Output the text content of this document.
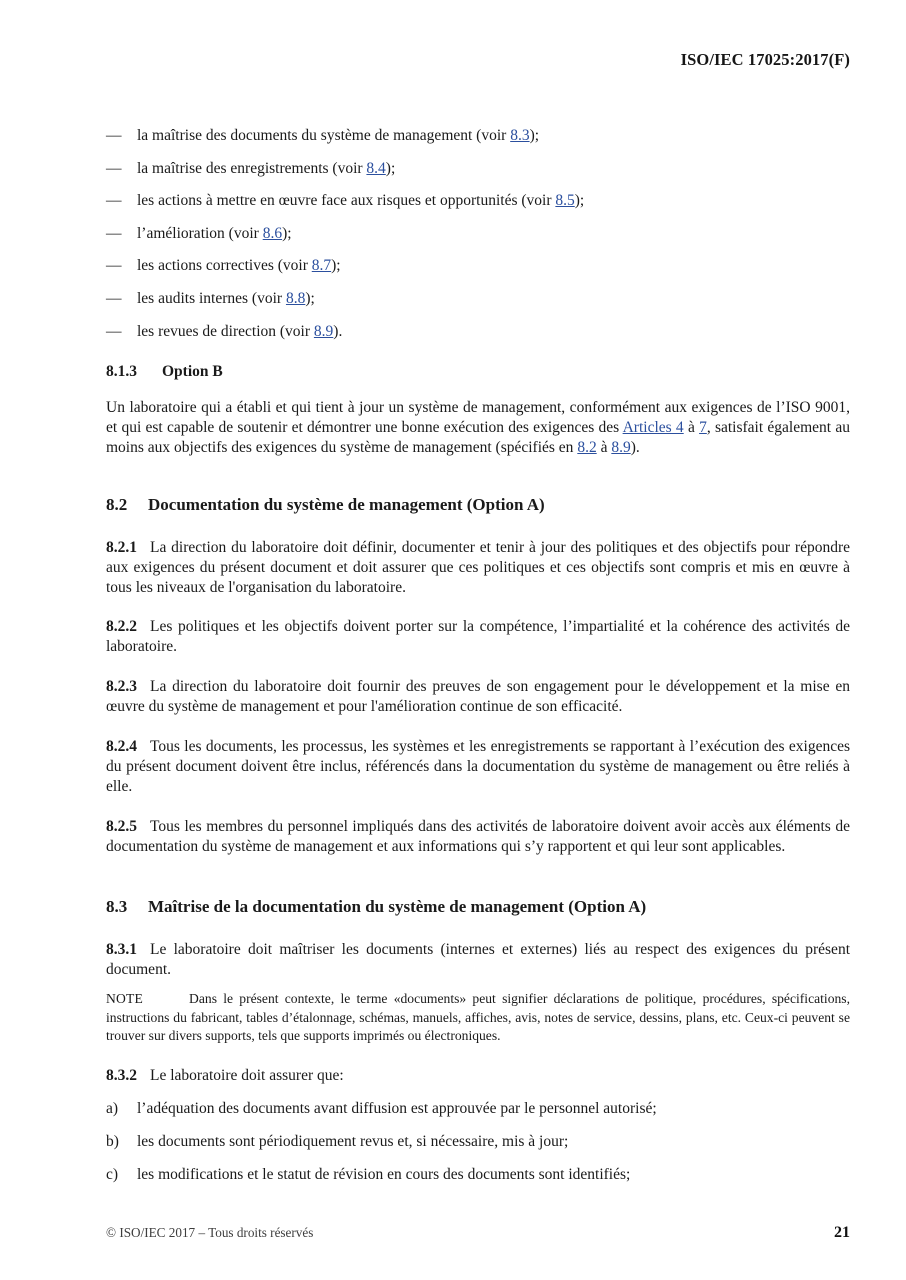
ISO/IEC 17025:2017(F)
—	la maîtrise des documents du système de management (voir 8.3);
—	la maîtrise des enregistrements (voir 8.4);
—	les actions à mettre en œuvre face aux risques et opportunités (voir 8.5);
—	l’amélioration (voir 8.6);
—	les actions correctives (voir 8.7);
—	les audits internes (voir 8.8);
—	les revues de direction (voir 8.9).
8.1.3	Option B
Un laboratoire qui a établi et qui tient à jour un système de management, conformément aux exigences de l’ISO 9001, et qui est capable de soutenir et démontrer une bonne exécution des exigences des Articles 4 à 7, satisfait également au moins aux objectifs des exigences du système de management (spécifiés en 8.2 à 8.9).
8.2	Documentation du système de management (Option A)
8.2.1 La direction du laboratoire doit définir, documenter et tenir à jour des politiques et des objectifs pour répondre aux exigences du présent document et doit assurer que ces politiques et ces objectifs sont compris et mis en œuvre à tous les niveaux de l'organisation du laboratoire.
8.2.2 Les politiques et les objectifs doivent porter sur la compétence, l’impartialité et la cohérence des activités de laboratoire.
8.2.3 La direction du laboratoire doit fournir des preuves de son engagement pour le développement et la mise en œuvre du système de management et pour l'amélioration continue de son efficacité.
8.2.4 Tous les documents, les processus, les systèmes et les enregistrements se rapportant à l’exécution des exigences du présent document doivent être inclus, référencés dans la documentation du système de management ou être reliés à elle.
8.2.5 Tous les membres du personnel impliqués dans des activités de laboratoire doivent avoir accès aux éléments de documentation du système de management et aux informations qui s’y rapportent et qui leur sont applicables.
8.3	Maîtrise de la documentation du système de management (Option A)
8.3.1 Le laboratoire doit maîtriser les documents (internes et externes) liés au respect des exigences du présent document.
NOTE	Dans le présent contexte, le terme «documents» peut signifier déclarations de politique, procédures, spécifications, instructions du fabricant, tables d’étalonnage, schémas, manuels, affiches, avis, notes de service, dessins, plans, etc. Ceux-ci peuvent se trouver sur divers supports, tels que supports imprimés ou électroniques.
8.3.2 Le laboratoire doit assurer que:
a)	l’adéquation des documents avant diffusion est approuvée par le personnel autorisé;
b)	les documents sont périodiquement revus et, si nécessaire, mis à jour;
c)	les modifications et le statut de révision en cours des documents sont identifiés;
© ISO/IEC 2017 – Tous droits réservés	21
